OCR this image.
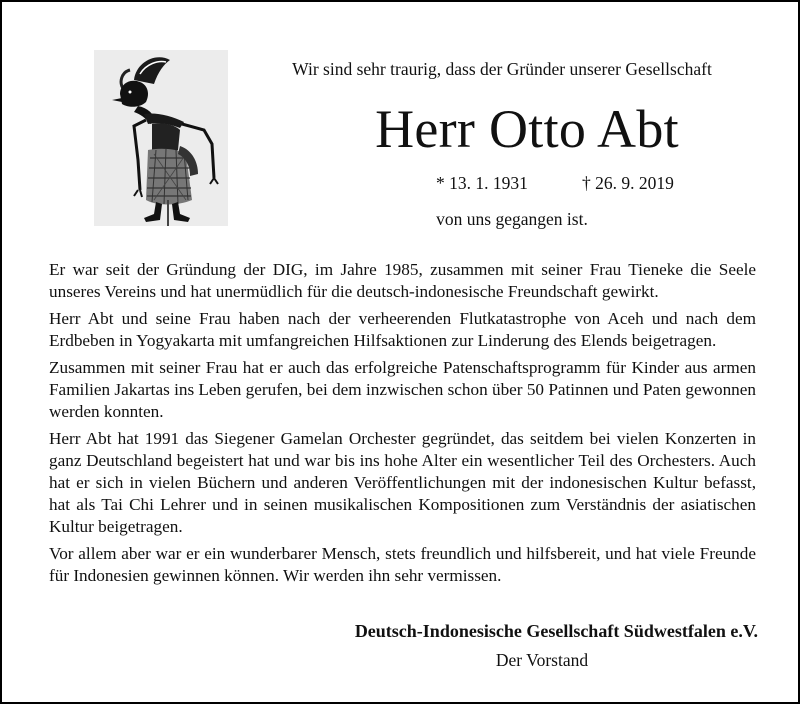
Wir sind sehr traurig, dass der Gründer unserer Gesellschaft
Herr Otto Abt
* 13. 1. 1931	† 26. 9. 2019
von uns gegangen ist.

Er war seit der Gründung der DIG, im Jahre 1985, zusammen mit seiner Frau Tieneke die Seele unseres Vereins und hat unermüdlich für die deutsch-indonesische Freundschaft gewirkt.

Herr Abt und seine Frau haben nach der verheerenden Flutkatastrophe von Aceh und nach dem Erdbeben in Yogyakarta mit umfangreichen Hilfsaktionen zur Linderung des Elends beigetragen.

Zusammen mit seiner Frau hat er auch das erfolgreiche Patenschaftsprogramm für Kinder aus armen Familien Jakartas ins Leben gerufen, bei dem inzwischen schon über 50 Patinnen und Paten gewonnen werden konnten.

Herr Abt hat 1991 das Siegener Gamelan Orchester gegründet, das seitdem bei vielen Konzerten in ganz Deutschland begeistert hat und war bis ins hohe Alter ein wesentlicher Teil des Orchesters. Auch hat er sich in vielen Büchern und anderen Veröffentlichungen mit der indonesischen Kultur befasst, hat als Tai Chi Lehrer und in seinen musikalischen Kompositionen zum Verständnis der asiatischen Kultur beigetragen.

Vor allem aber war er ein wunderbarer Mensch, stets freundlich und hilfsbereit, und hat viele Freunde für Indonesien gewinnen können. Wir werden ihn sehr vermissen.

Deutsch-Indonesische Gesellschaft Südwestfalen e.V.
Der Vorstand
